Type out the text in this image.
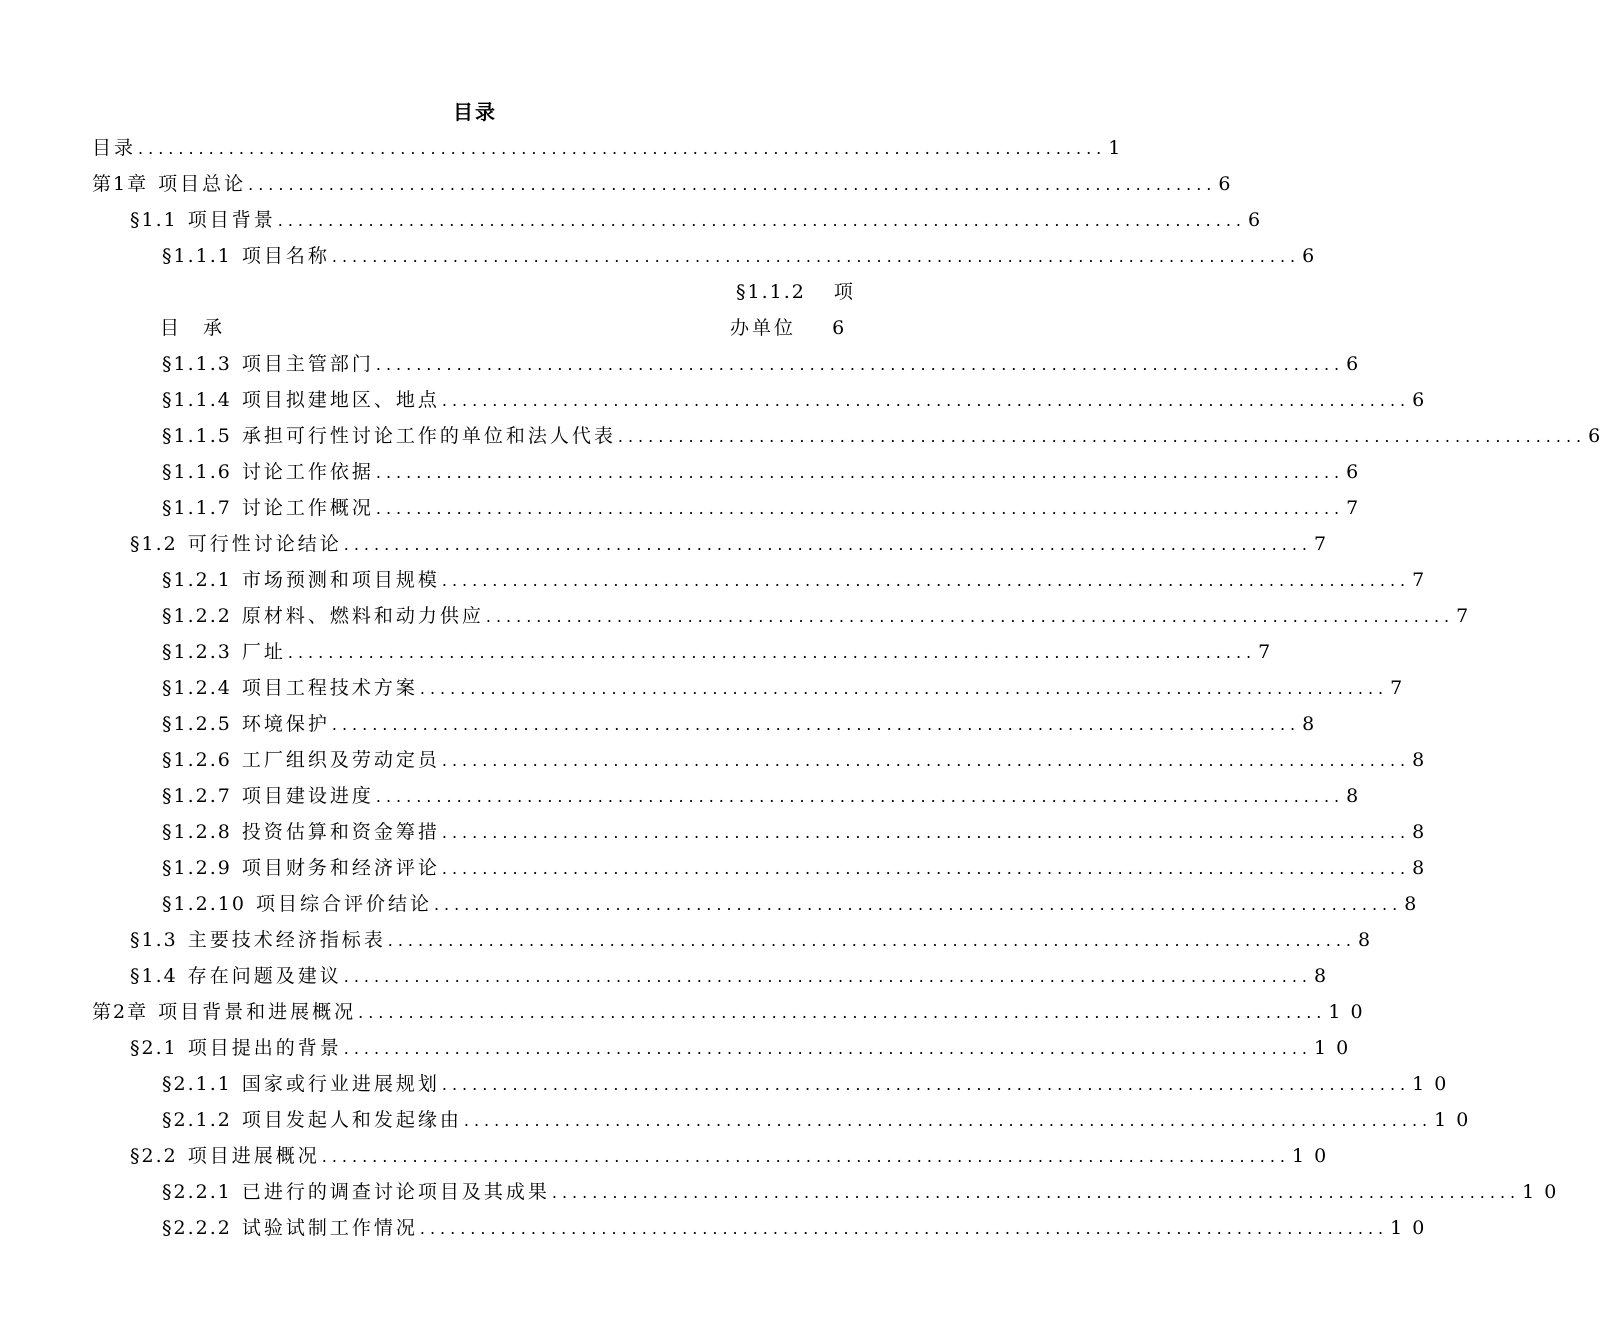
目录
目录 ................................................................................................ 1
第1章 项目总论 ................................................................................................ 6
§1.1 项目背景 ................................................................................................ 6
§1.1.1 项目名称 ................................................................................................ 6
§1.1.2 项
目 承	办单位 6
§1.1.3 项目主管部门 ................................................................................................ 6
§1.1.4 项目拟建地区、地点 ................................................................................................ 6
§1.1.5 承担可行性讨论工作的单位和法人代表 ................................................................................................ 6
§1.1.6 讨论工作依据 ................................................................................................ 6
§1.1.7 讨论工作概况 ................................................................................................ 7
§1.2 可行性讨论结论 ................................................................................................ 7
§1.2.1 市场预测和项目规模 ................................................................................................ 7
§1.2.2 原材料、燃料和动力供应 ................................................................................................ 7
§1.2.3 厂址 ................................................................................................ 7
§1.2.4 项目工程技术方案 ................................................................................................ 7
§1.2.5 环境保护 ................................................................................................ 8
§1.2.6 工厂组织及劳动定员 ................................................................................................ 8
§1.2.7 项目建设进度 ................................................................................................ 8
§1.2.8 投资估算和资金筹措 ................................................................................................ 8
§1.2.9 项目财务和经济评论 ................................................................................................ 8
§1.2.10 项目综合评价结论 ................................................................................................ 8
§1.3 主要技术经济指标表 ................................................................................................ 8
§1.4 存在问题及建议 ................................................................................................ 8
第2章 项目背景和进展概况 ................................................................................................ 10
§2.1 项目提出的背景 ................................................................................................ 10
§2.1.1 国家或行业进展规划 ................................................................................................ 10
§2.1.2 项目发起人和发起缘由 ................................................................................................ 10
§2.2 项目进展概况 ................................................................................................ 10
§2.2.1 已进行的调查讨论项目及其成果 ................................................................................................ 10
§2.2.2 试验试制工作情况 ................................................................................................ 10
